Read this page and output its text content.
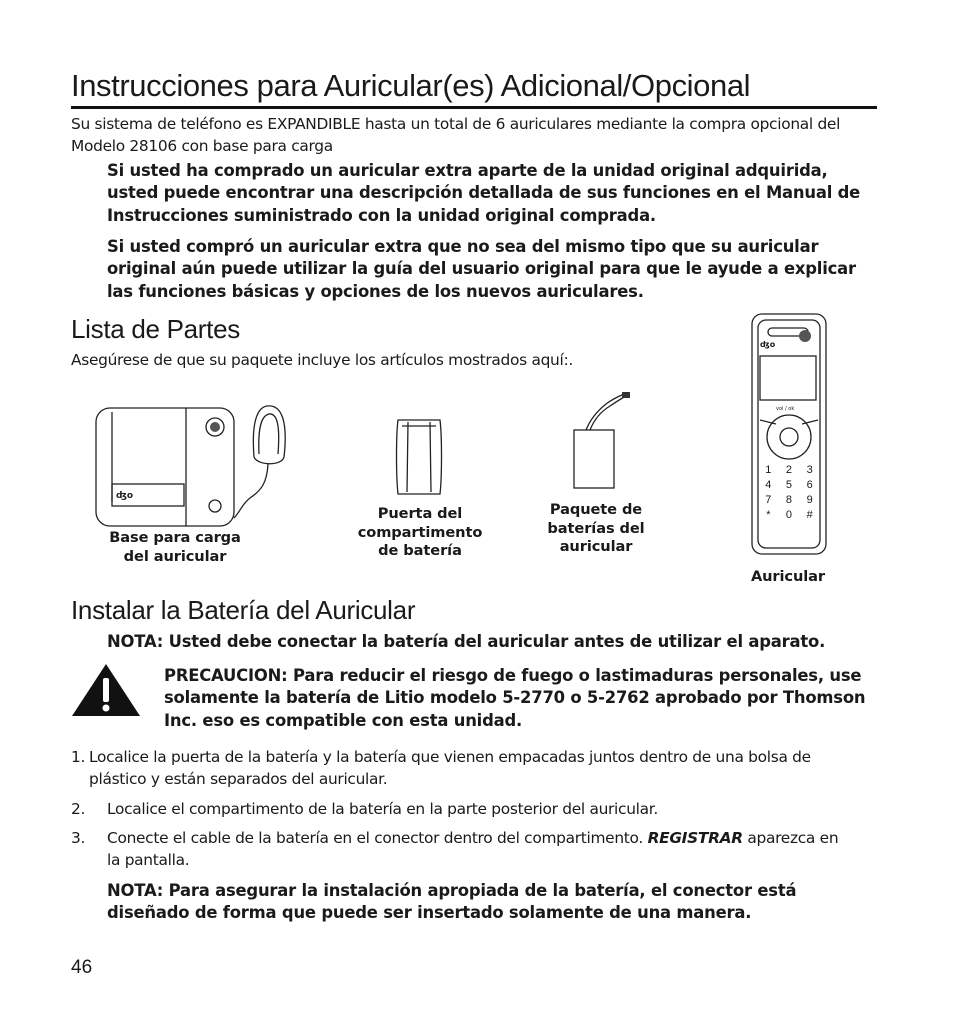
Instrucciones para Auricular(es) Adicional/Opcional
Su sistema de teléfono es EXPANDIBLE hasta un total de 6 auriculares mediante la compra opcional del Modelo 28106 con base para carga
Si usted ha comprado un auricular extra aparte de la unidad original adquirida, usted puede encontrar una descripción detallada de sus funciones en el Manual de Instrucciones suministrado con la unidad original comprada.
Si usted compró un auricular extra que no sea del mismo tipo que su auricular original aún puede utilizar la guía del usuario original para que le ayude a explicar las funciones básicas y opciones de los nuevos auriculares.
Lista de Partes
Asegúrese de que su paquete incluye los artículos mostrados aquí:.
ʤo
Base para carga
del auricular
Puerta del
compartimento
de batería
Paquete de
baterías del
auricular
ʤo
vol / ok
1	2	3
4	5	6
7	8	9
*	0	#
Auricular
Instalar la Batería del Auricular
NOTA: Usted debe conectar la batería del auricular antes de utilizar el aparato.
PRECAUCION: Para reducir el riesgo de fuego o lastimaduras personales, use solamente la batería de Litio modelo 5-2770 o 5-2762 aprobado por Thomson Inc. eso es compatible con esta unidad.
1. Localice la puerta de la batería y la batería que vienen empacadas juntos dentro de una bolsa de plástico y están separados del auricular.
2. Localice el compartimento de la batería en la parte posterior del auricular.
3. Conecte el cable de la batería en el conector dentro del compartimento. REGISTRAR aparezca en la pantalla.
NOTA: Para asegurar la instalación apropiada de la batería, el conector está diseñado de forma que puede ser insertado solamente de una manera.
46
